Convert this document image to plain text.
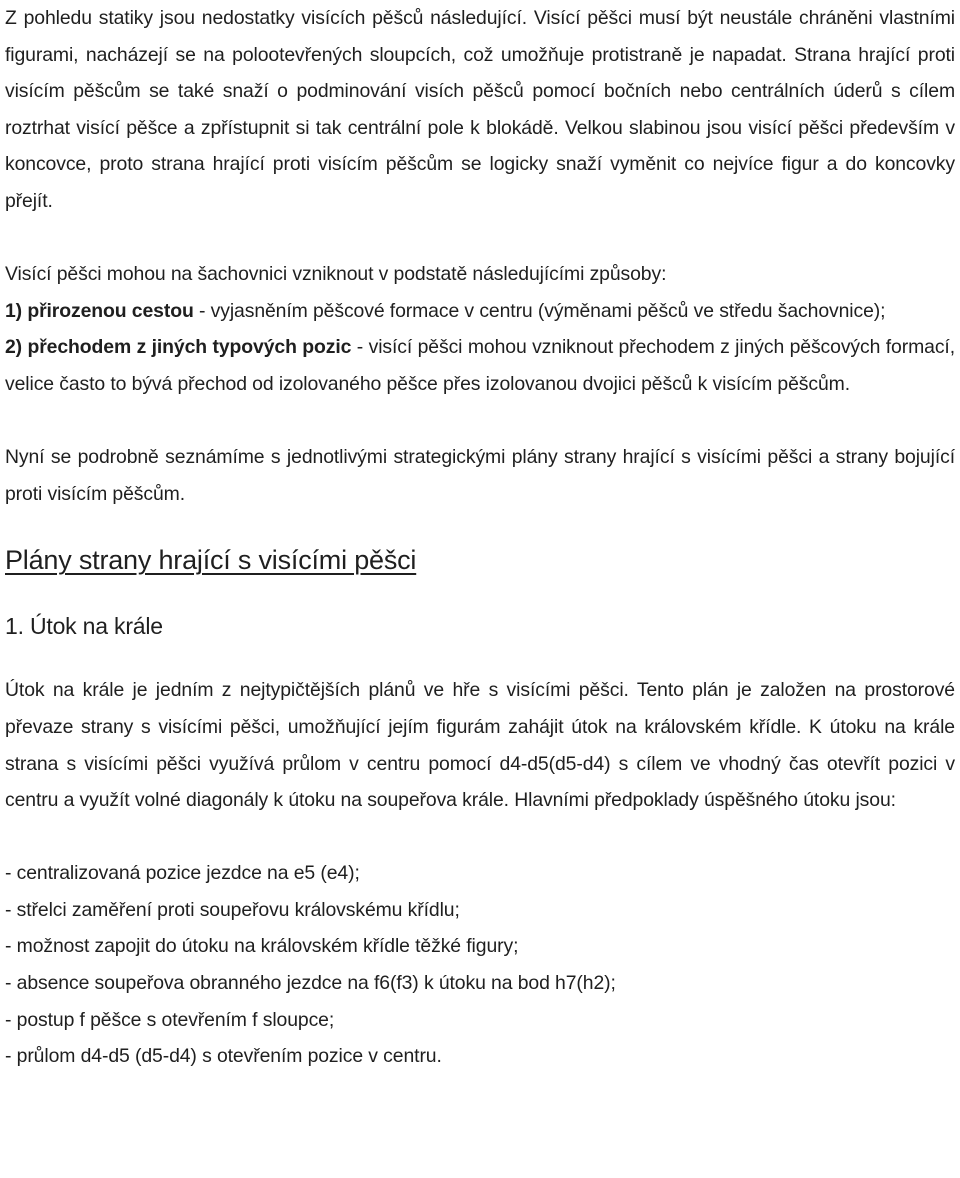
Z pohledu statiky jsou nedostatky visících pěšců následující. Visící pěšci musí být neustále chráněni vlastními figurami, nacházejí se na polootevřených sloupcích, což umožňuje protistraně je napadat. Strana hrající proti visícím pěšcům se také snaží o podminování visích pěšců pomocí bočních nebo centrálních úderů s cílem roztrhat visící pěšce a zpřístupnit si tak centrální pole k blokádě. Velkou slabinou jsou visící pěšci především v koncovce, proto strana hrající proti visícím pěšcům se logicky snaží vyměnit co nejvíce figur a do koncovky přejít.

Visící pěšci mohou na šachovnici vzniknout v podstatě následujícími způsoby:

1) přirozenou cestou - vyjasněním pěšcové formace v centru (výměnami pěšců ve středu šachovnice);

2) přechodem z jiných typových pozic - visící pěšci mohou vzniknout přechodem z jiných pěšcových formací, velice často to bývá přechod od izolovaného pěšce přes izolovanou dvojici pěšců k visícím pěšcům.

Nyní se podrobně seznámíme s jednotlivými strategickými plány strany hrající s visícími pěšci a strany bojující proti visícím pěšcům.

Plány strany hrající s visícími pěšci
1. Útok na krále

Útok na krále je jedním z nejtypičtějších plánů ve hře s visícími pěšci. Tento plán je založen na prostorové převaze strany s visícími pěšci, umožňující jejím figurám zahájit útok na královském křídle. K útoku na krále strana s visícími pěšci využívá průlom v centru pomocí d4-d5(d5-d4) s cílem ve vhodný čas otevřít pozici v centru a využít volné diagonály k útoku na soupeřova krále. Hlavními předpoklady úspěšného útoku jsou:

- centralizovaná pozice jezdce na e5 (e4);
- střelci zaměření proti soupeřovu královskému křídlu;
- možnost zapojit do útoku na královském křídle těžké figury;
- absence soupeřova obranného jezdce na f6(f3) k útoku na bod h7(h2);
- postup f pěšce s otevřením f sloupce;
- průlom d4-d5 (d5-d4) s otevřením pozice v centru.
